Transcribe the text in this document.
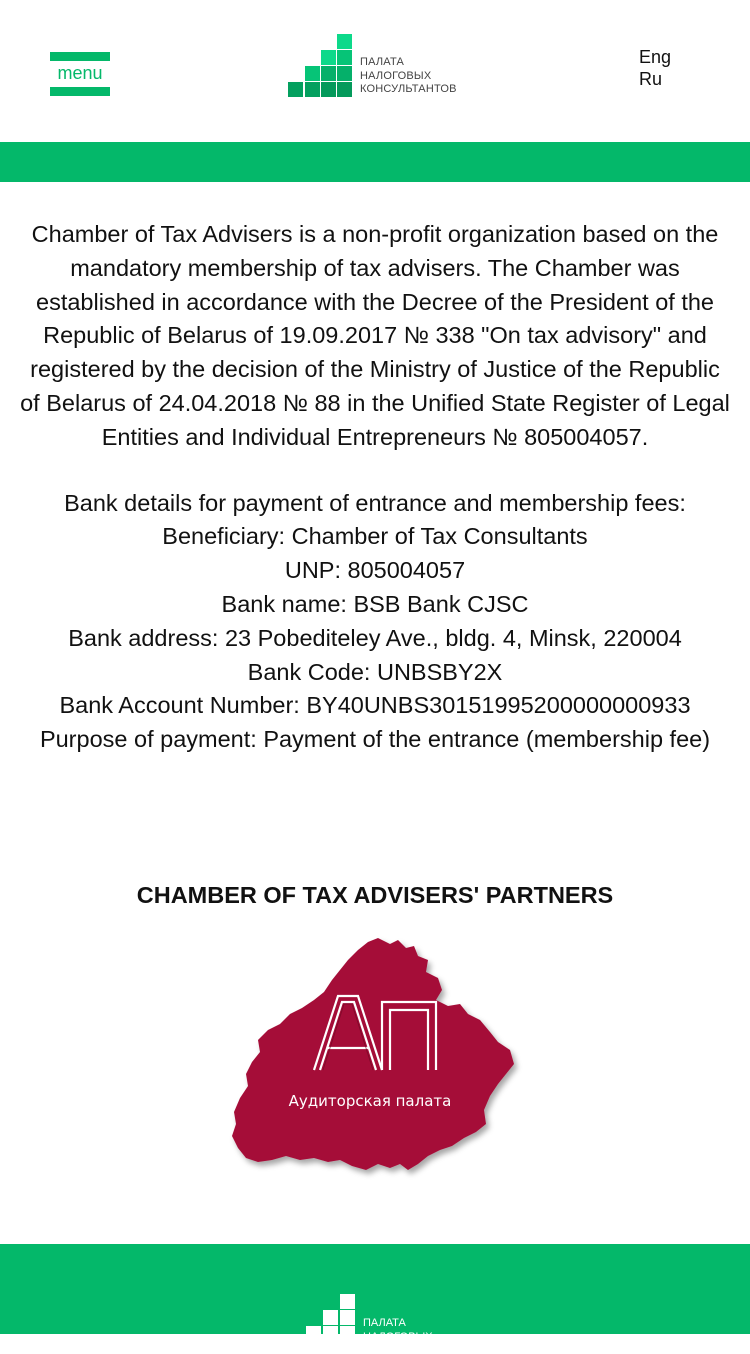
menu
ПАЛАТА
НАЛОГОВЫХ
КОНСУЛЬТАНТОВ
Eng
Ru

Chamber of Tax Advisers is a non-profit organization based on the mandatory membership of tax advisers. The Chamber was established in accordance with the Decree of the President of the Republic of Belarus of 19.09.2017 № 338 "On tax advisory" and registered by the decision of the Ministry of Justice of the Republic of Belarus of 24.04.2018 № 88 in the Unified State Register of Legal Entities and Individual Entrepreneurs № 805004057.

Bank details for payment of entrance and membership fees:
Beneficiary: Chamber of Tax Consultants
UNP: 805004057
Bank name: BSB Bank CJSC
Bank address: 23 Pobediteley Ave., bldg. 4, Minsk, 220004
Bank Code: UNBSBY2X
Bank Account Number: BY40UNBS30151995200000000933
Purpose of payment: Payment of the entrance (membership fee)
CHAMBER OF TAX ADVISERS' PARTNERS
Аудиторская палата
ПАЛАТА
НАЛОГОВЫХ
